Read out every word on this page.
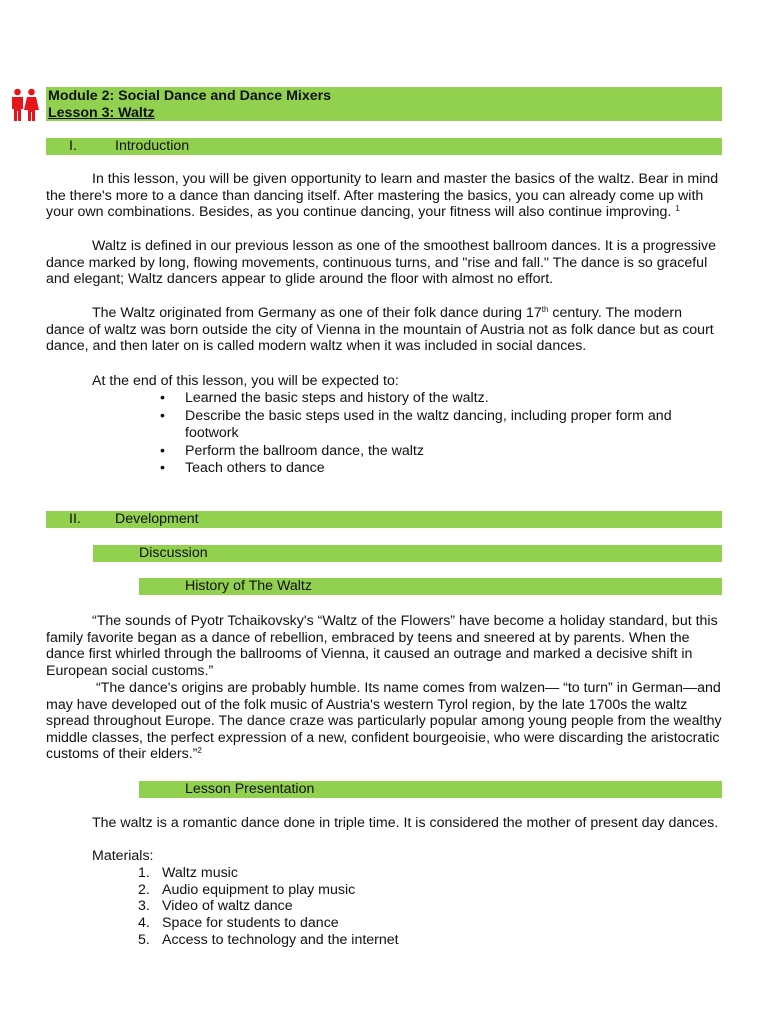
Module 2: Social Dance and Dance Mixers
Lesson 3: Waltz
I.	Introduction
In this lesson, you will be given opportunity to learn and master the basics of the waltz. Bear in mind the there's more to a dance than dancing itself. After mastering the basics, you can already come up with your own combinations. Besides, as you continue dancing, your fitness will also continue improving. $^1$
Waltz is defined in our previous lesson as one of the smoothest ballroom dances. It is a progressive dance marked by long, flowing movements, continuous turns, and "rise and fall." The dance is so graceful and elegant; Waltz dancers appear to glide around the floor with almost no effort.
The Waltz originated from Germany as one of their folk dance during 17th century. The modern dance of waltz was born outside the city of Vienna in the mountain of Austria not as folk dance but as court dance, and then later on is called modern waltz when it was included in social dances.
At the end of this lesson, you will be expected to:
• Learned the basic steps and history of the waltz.
• Describe the basic steps used in the waltz dancing, including proper form and footwork
• Perform the ballroom dance, the waltz
• Teach others to dance
II. Development
Discussion
History of The Waltz
“The sounds of Pyotr Tchaikovsky's “Waltz of the Flowers” have become a holiday standard, but this family favorite began as a dance of rebellion, embraced by teens and sneered at by parents. When the dance first whirled through the ballrooms of Vienna, it caused an outrage and marked a decisive shift in European social customs.”
“The dance's origins are probably humble. Its name comes from walzen— “to turn” in German—and may have developed out of the folk music of Austria's western Tyrol region, by the late 1700s the waltz spread throughout Europe. The dance craze was particularly popular among young people from the wealthy middle classes, the perfect expression of a new, confident bourgeoisie, who were discarding the aristocratic customs of their elders.”$^2$
Lesson Presentation
The waltz is a romantic dance done in triple time. It is considered the mother of present day dances.
Materials:
1. Waltz music
2. Audio equipment to play music
3. Video of waltz dance
4. Space for students to dance
5. Access to technology and the internet
